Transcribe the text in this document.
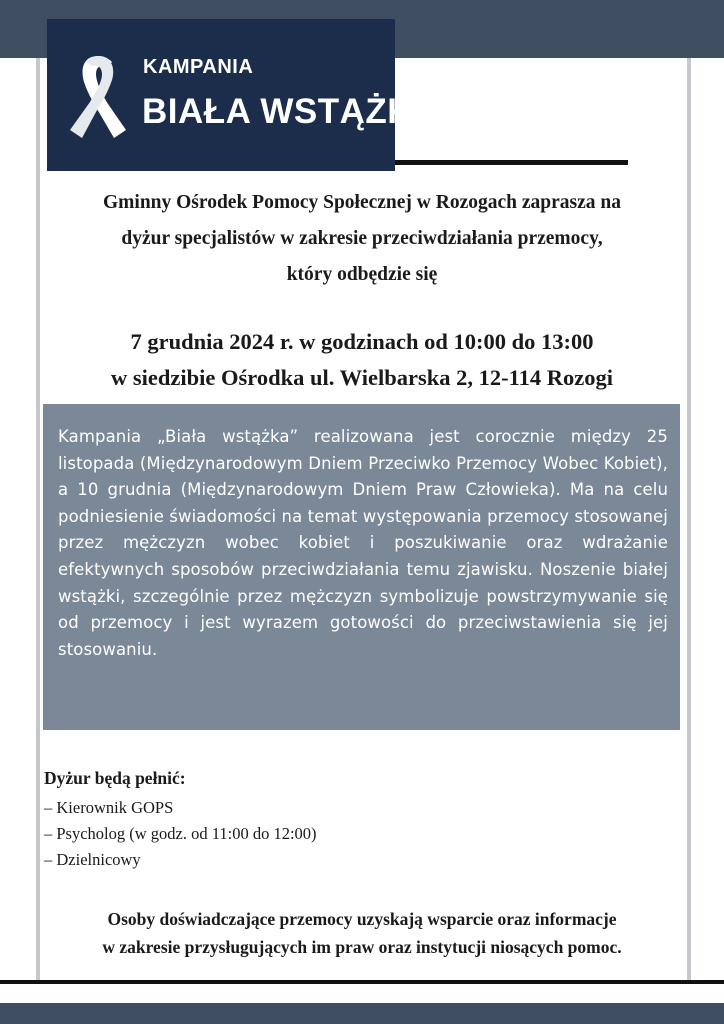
KAMPANIA
BIAŁA WSTĄŻKA

Gminny Ośrodek Pomocy Społecznej w Rozogach zaprasza na

dyżur specjalistów w zakresie przeciwdziałania przemocy,

który odbędzie się

7 grudnia 2024 r. w godzinach od 10:00 do 13:00

w siedzibie Ośrodka ul. Wielbarska 2, 12-114 Rozogi

Kampania „Biała wstążka” realizowana jest corocznie między 25 listopada (Międzynarodowym Dniem Przeciwko Przemocy Wobec Kobiet), a 10 grudnia (Międzynarodowym Dniem Praw Człowieka). Ma na celu podniesienie świadomości na temat występowania przemocy stosowanej przez mężczyzn wobec kobiet i poszukiwanie oraz wdrażanie efektywnych sposobów przeciwdziałania temu zjawisku. Noszenie białej wstążki, szczególnie przez mężczyzn symbolizuje powstrzymywanie się od przemocy i jest wyrazem gotowości do przeciwstawienia się jej stosowaniu.

Dyżur będą pełnić:
– Kierownik GOPS
– Psycholog (w godz. od 11:00 do 12:00)
– Dzielnicowy

Osoby doświadczające przemocy uzyskają wsparcie oraz informacje

w zakresie przysługujących im praw oraz instytucji niosących pomoc.
